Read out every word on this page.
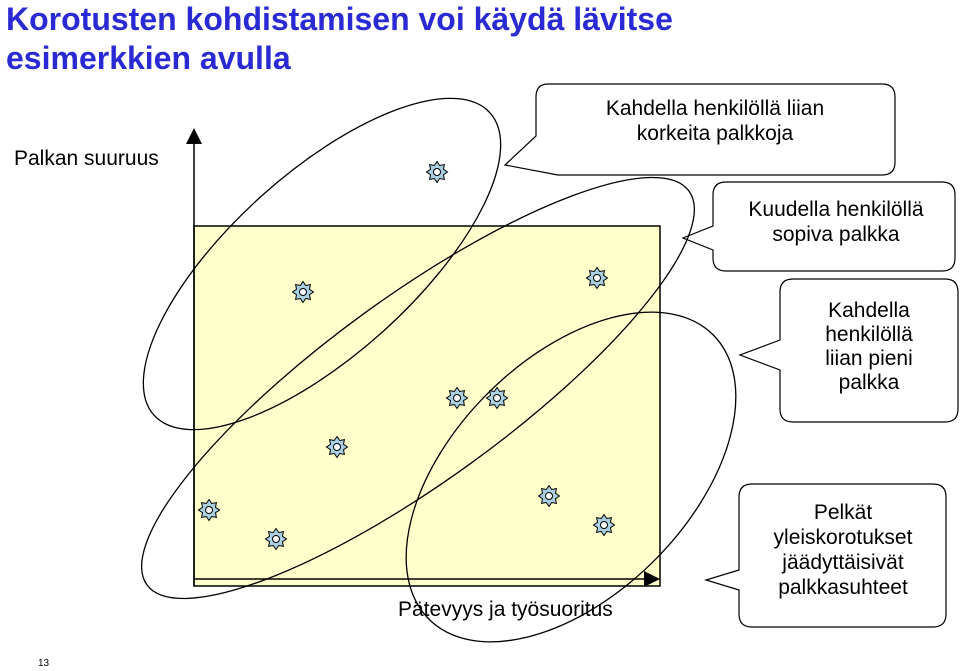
Korotusten kohdistamisen voi käydä lävitse
esimerkkien avulla
Palkan suuruus
Pätevyys ja työsuoritus
Kahdella henkilöllä liian
korkeita palkkoja
Kuudella henkilöllä
sopiva palkka
Kahdella
henkilöllä
liian pieni
palkka
Pelkät
yleiskorotukset
jäädyttäisivät
palkkasuhteet
13
